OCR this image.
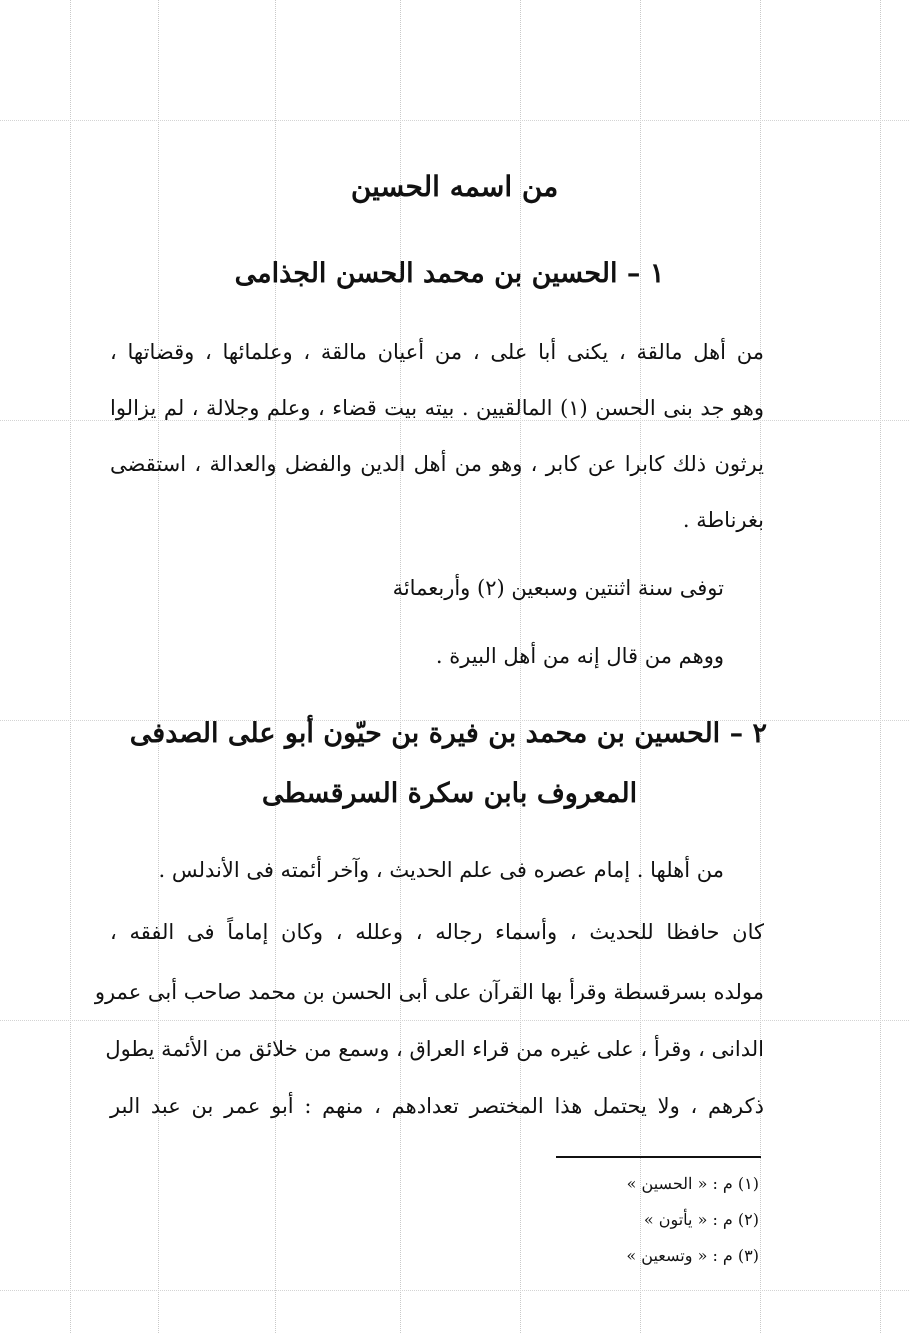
من اسمه الحسين
١ – الحسين بن محمد الحسن الجذامى
من أهل مالقة ، يكنى أبا على ، من أعيان مالقة ، وعلمائها ، وقضاتها ،
وهو جد بنى الحسن (١) المالقيين . بيته بيت قضاء ، وعلم وجلالة ، لم يزالوا
يرثون ذلك كابرا عن كابر ، وهو من أهل الدين والفضل والعدالة ، استقضى
بغرناطة .
توفى سنة اثنتين وسبعين (٢) وأربعمائة
ووهم من قال إنه من أهل البيرة .
٢ – الحسين بن محمد بن فيرة بن حيّون أبو على الصدفى
المعروف بابن سكرة السرقسطى
من أهلها . إمام عصره فى علم الحديث ، وآخر أئمته فى الأندلس .
كان حافظا للحديث ، وأسماء رجاله ، وعلله ، وكان إماماً فى الفقه ،
مولده بسرقسطة وقرأ بها القرآن على أبى الحسن بن محمد صاحب أبى عمرو
الدانى ، وقرأ ، على غيره من قراء العراق ، وسمع من خلائق من الأئمة يطول
ذكرهم ، ولا يحتمل هذا المختصر تعدادهم ، منهم : أبو عمر بن عبد البر
(١) م : « الحسين »
(٢) م : « يأتون »
(٣) م : « وتسعين »
